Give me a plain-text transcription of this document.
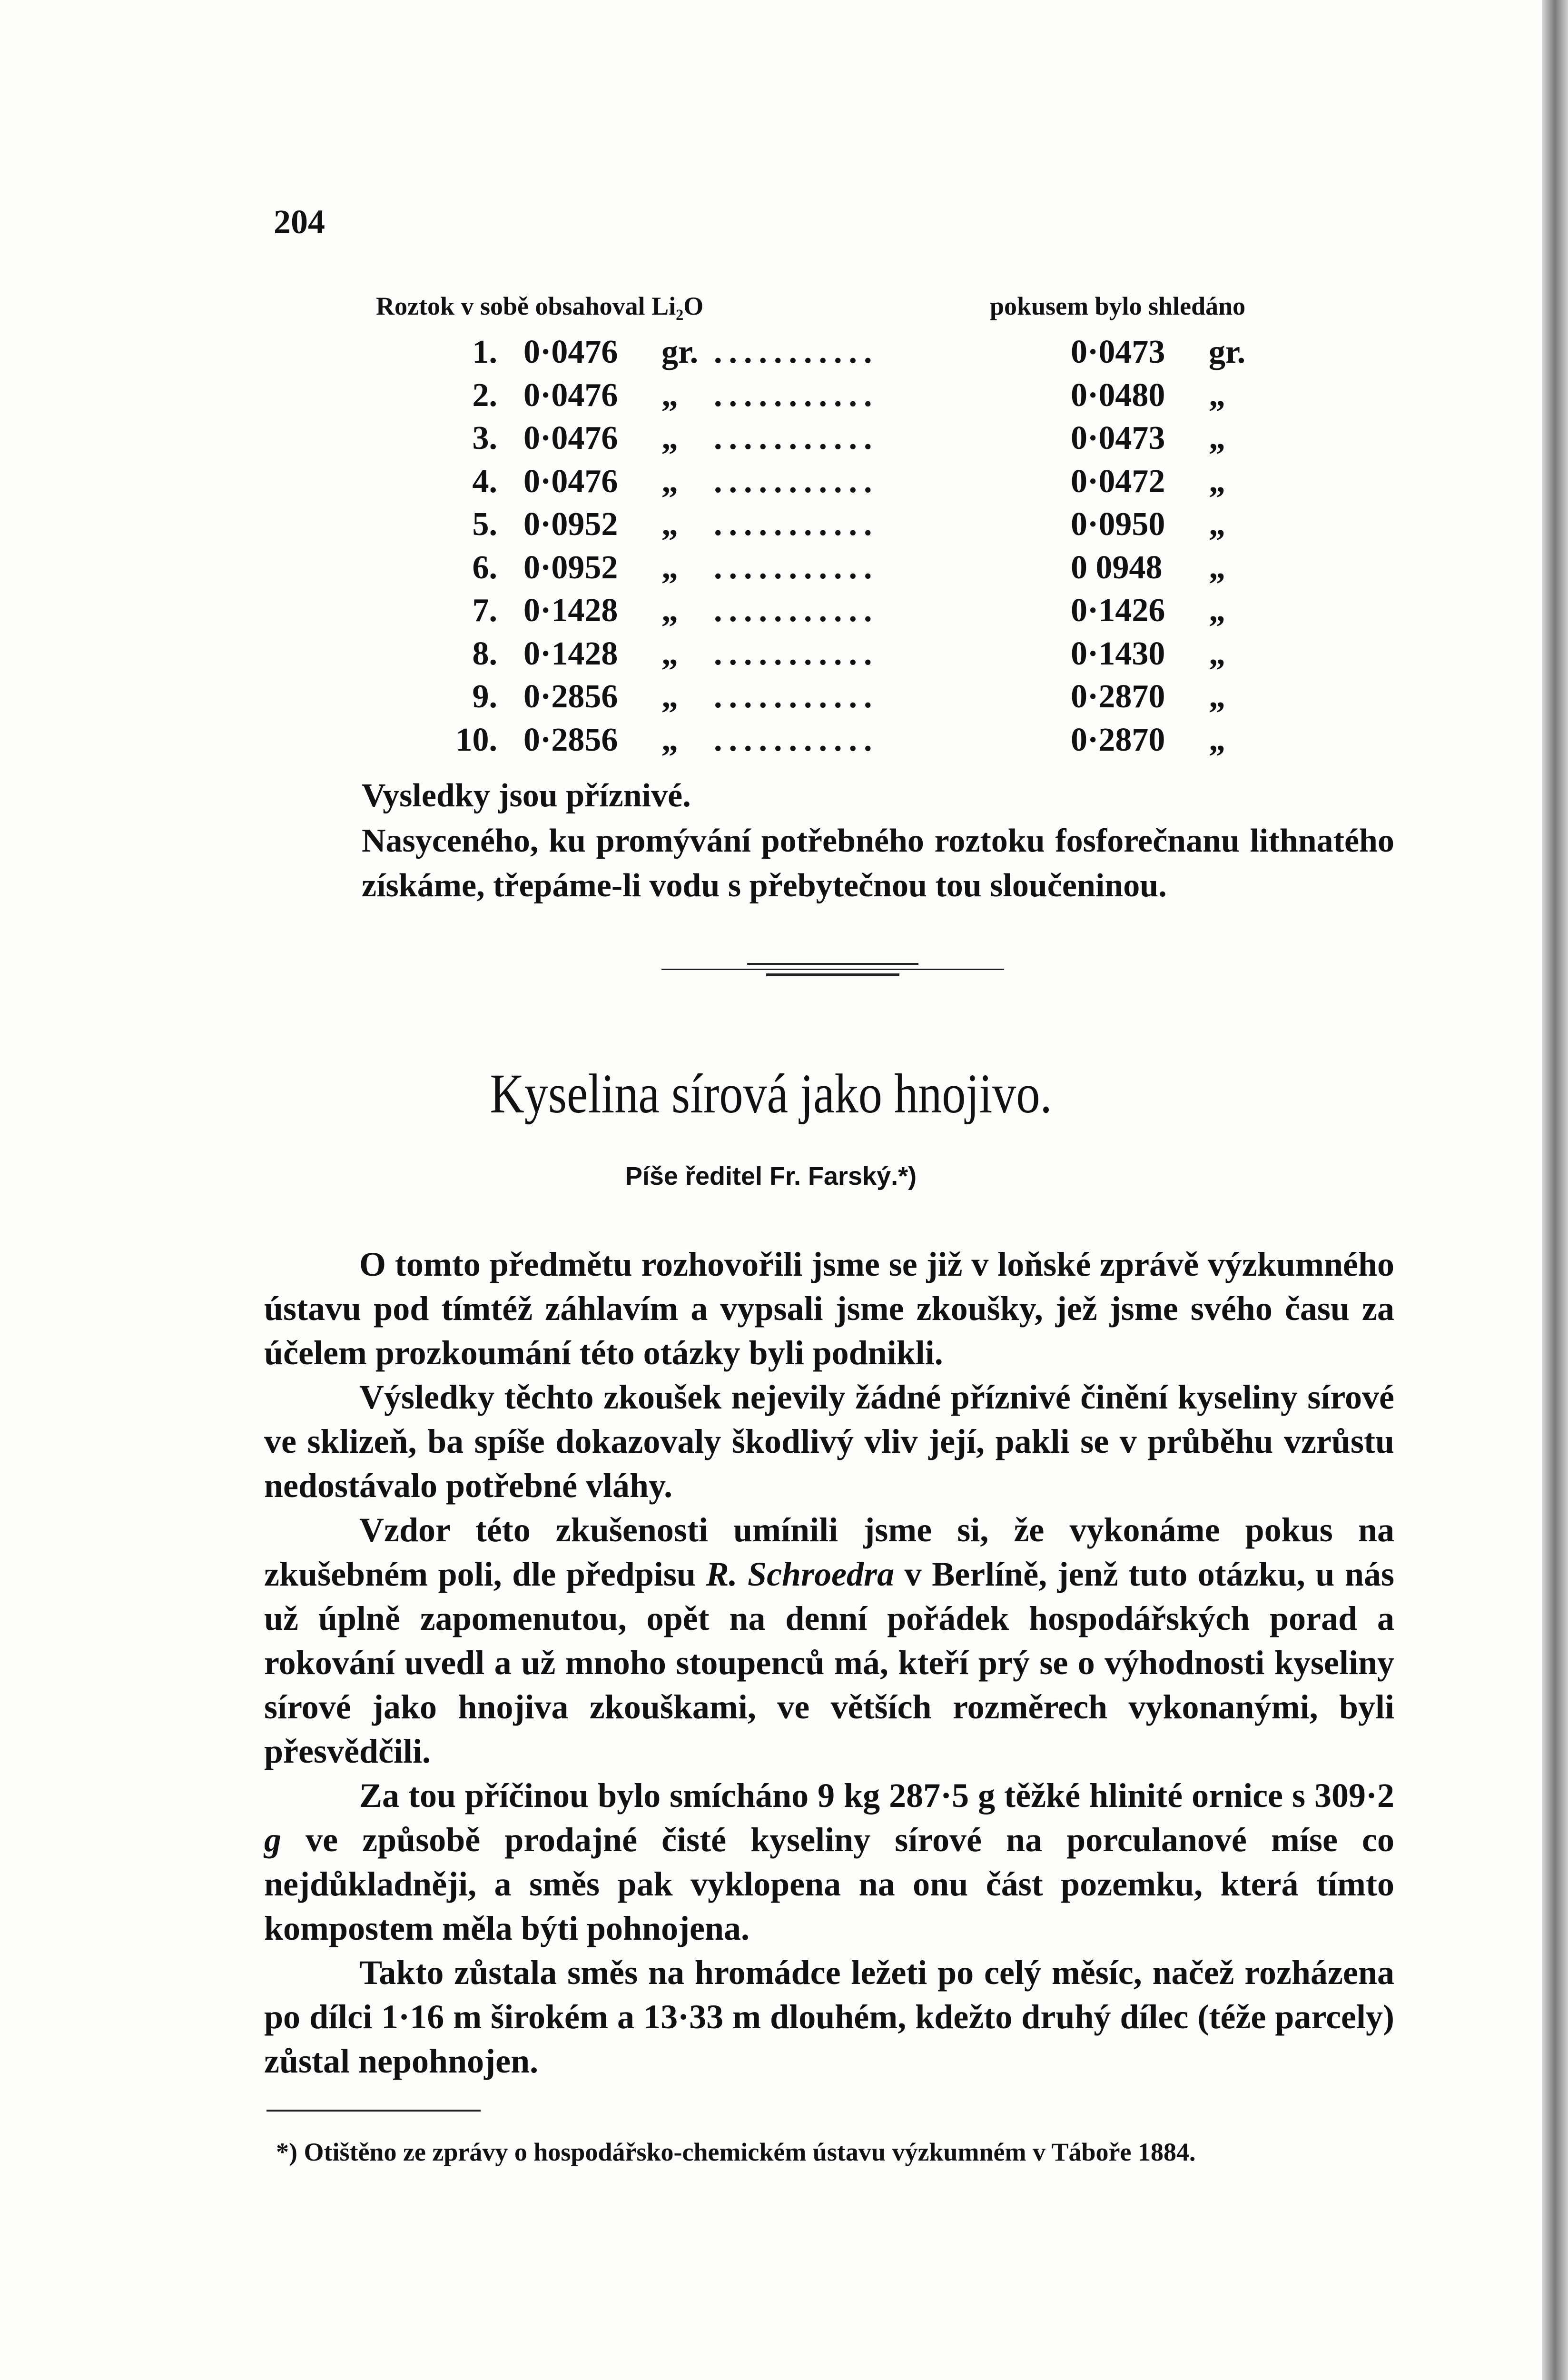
204
Roztok v sobě obsahoval Li₂O	pokusem bylo shledáno
1. 0·0476 gr. ...........	0·0473 gr.
2. 0·0476 „ ...........	0·0480 „
3. 0·0476 „ ...........	0·0473 „
4. 0·0476 „ ...........	0·0472 „
5. 0·0952 „ ...........	0·0950 „
6. 0·0952 „ ...........	0 0948 „
7. 0·1428 „ ...........	0·1426 „
8. 0·1428 „ ...........	0·1430 „
9. 0·2856 „ ...........	0·2870 „
10. 0·2856 „ ...........	0·2870 „
Vysledky jsou příznivé.
Nasyceného, ku promývání potřebného roztoku fosforečnanu lithnatého získáme, třepáme-li vodu s přebytečnou tou sloučeninou.
Kyselina sírová jako hnojivo.
Píše ředitel Fr. Farský.*)

O tomto předmětu rozhovořili jsme se již v loňské zprávě výzkumného ústavu pod tímtéž záhlavím a vypsali jsme zkoušky, jež jsme svého času za účelem prozkoumání této otázky byli podnikli.

Výsledky těchto zkoušek nejevily žádné příznivé činění kyseliny sírové ve sklizeň, ba spíše dokazovaly škodlivý vliv její, pakli se v průběhu vzrůstu nedostávalo potřebné vláhy.

Vzdor této zkušenosti umínili jsme si, že vykonáme pokus na zkušebném poli, dle předpisu R. Schroedra v Berlíně, jenž tuto otázku, u nás už úplně zapomenutou, opět na denní pořádek hospodářských porad a rokování uvedl a už mnoho stoupenců má, kteří prý se o výhodnosti kyseliny sírové jako hnojiva zkouškami, ve větších rozměrech vykonanými, byli přesvědčili.

Za tou příčinou bylo smícháno 9 kg 287·5 g těžké hlinité ornice s 309·2 g ve způsobě prodajné čisté kyseliny sírové na porculanové míse co nejdůkladněji, a směs pak vyklopena na onu část pozemku, která tímto kompostem měla býti pohnojena.

Takto zůstala směs na hromádce ležeti po celý měsíc, načež rozházena po dílci 1·16 m širokém a 13·33 m dlouhém, kdežto druhý dílec (téže parcely) zůstal nepohnojen.

*) Otištěno ze zprávy o hospodářsko-chemickém ústavu výzkumném v Táboře 1884.
